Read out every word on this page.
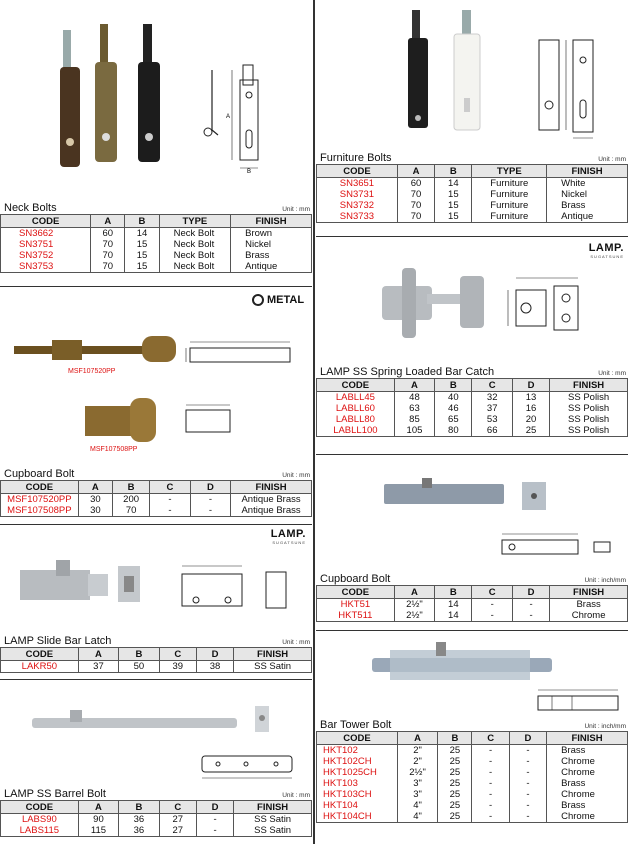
A
B
Neck Bolts	Unit : mm
CODE	A	B	TYPE	FINISH
SN3662	60	14	Neck Bolt	Brown
SN3751	70	15	Neck Bolt	Nickel
SN3752	70	15	Neck Bolt	Brass
SN3753	70	15	Neck Bolt	Antique
METAL
MSF107520PP
MSF107508PP
Cupboard Bolt	Unit : mm
CODE	A	B	C	D	FINISH
MSF107520PP	30	200	-	-	Antique Brass
MSF107508PP	30	70	-	-	Antique Brass
LAMP.
SUGATSUNE
LAMP Slide Bar Latch	Unit : mm
CODE	A	B	C	D	FINISH
LAKR50	37	50	39	38	SS Satin
LAMP SS Barrel Bolt	Unit : mm
CODE	A	B	C	D	FINISH
LABS90	90	36	27	-	SS Satin
LABS115	115	36	27	-	SS Satin
Furniture Bolts	Unit : mm
CODE	A	B	TYPE	FINISH
SN3651	60	14	Furniture	White
SN3731	70	15	Furniture	Nickel
SN3732	70	15	Furniture	Brass
SN3733	70	15	Furniture	Antique
LAMP.
SUGATSUNE
LAMP SS Spring Loaded Bar Catch	Unit : mm
CODE	A	B	C	D	FINISH
LABLL45	48	40	32	13	SS Polish
LABLL60	63	46	37	16	SS Polish
LABLL80	85	65	53	20	SS Polish
LABLL100	105	80	66	25	SS Polish
Cupboard Bolt	Unit : inch/mm
CODE	A	B	C	D	FINISH
HKT51	2½"	14	-	-	Brass
HKT511	2½"	14	-	-	Chrome
Bar Tower Bolt	Unit : inch/mm
CODE	A	B	C	D	FINISH
HKT102	2"	25	-	-	Brass
HKT102CH	2"	25	-	-	Chrome
HKT1025CH	2½"	25	-	-	Chrome
HKT103	3"	25	-	-	Brass
HKT103CH	3"	25	-	-	Chrome
HKT104	4"	25	-	-	Brass
HKT104CH	4"	25	-	-	Chrome
